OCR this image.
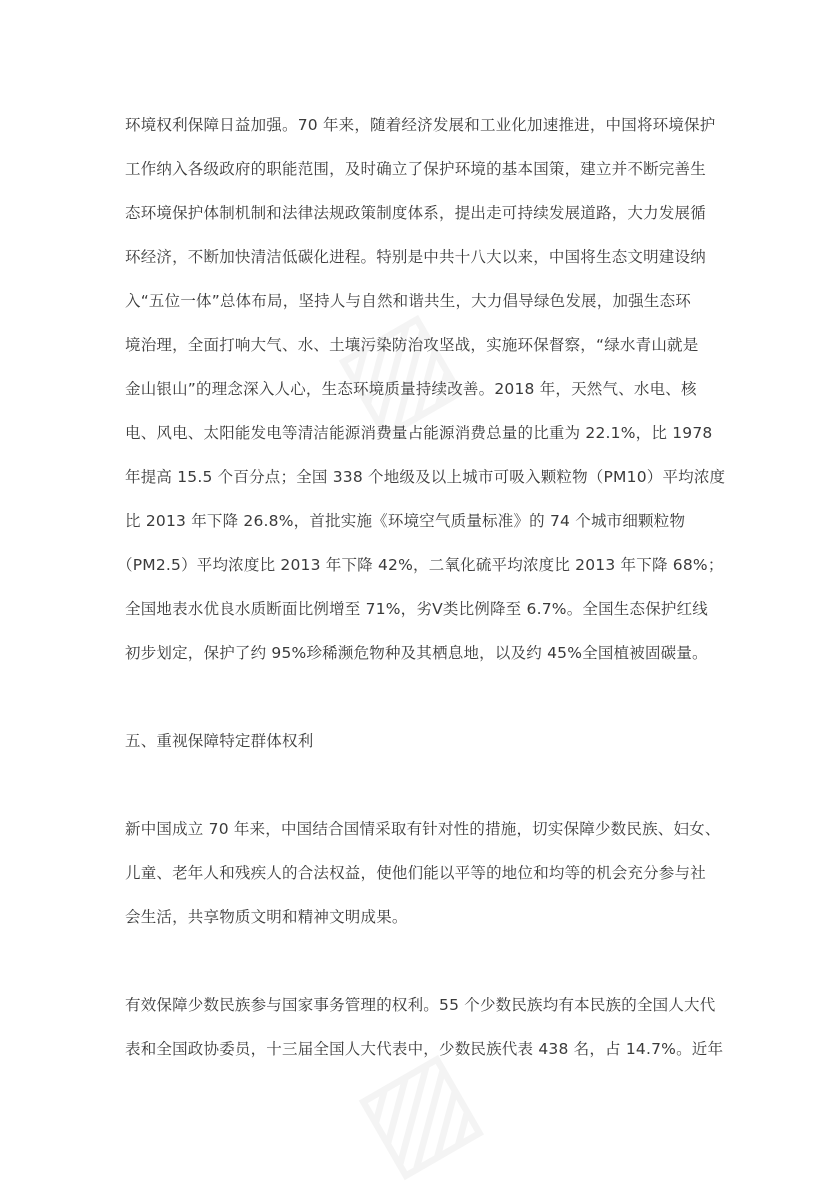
环境权利保障日益加强。70 年来，随着经济发展和工业化加速推进，中国将环境保护
工作纳入各级政府的职能范围，及时确立了保护环境的基本国策，建立并不断完善生
态环境保护体制机制和法律法规政策制度体系，提出走可持续发展道路，大力发展循
环经济，不断加快清洁低碳化进程。特别是中共十八大以来，中国将生态文明建设纳
入“五位一体”总体布局，坚持人与自然和谐共生，大力倡导绿色发展，加强生态环
境治理，全面打响大气、水、土壤污染防治攻坚战，实施环保督察，“绿水青山就是
金山银山”的理念深入人心，生态环境质量持续改善。2018 年，天然气、水电、核
电、风电、太阳能发电等清洁能源消费量占能源消费总量的比重为 22.1%，比 1978
年提高 15.5 个百分点；全国 338 个地级及以上城市可吸入颗粒物（PM10）平均浓度
比 2013 年下降 26.8%，首批实施《环境空气质量标准》的 74 个城市细颗粒物
（PM2.5）平均浓度比 2013 年下降 42%，二氧化硫平均浓度比 2013 年下降 68%；
全国地表水优良水质断面比例增至 71%，劣Ⅴ类比例降至 6.7%。全国生态保护红线
初步划定，保护了约 95%珍稀濒危物种及其栖息地，以及约 45%全国植被固碳量。
五、重视保障特定群体权利
新中国成立 70 年来，中国结合国情采取有针对性的措施，切实保障少数民族、妇女、
儿童、老年人和残疾人的合法权益，使他们能以平等的地位和均等的机会充分参与社
会生活，共享物质文明和精神文明成果。
有效保障少数民族参与国家事务管理的权利。55 个少数民族均有本民族的全国人大代
表和全国政协委员，十三届全国人大代表中，少数民族代表 438 名，占 14.7%。近年
